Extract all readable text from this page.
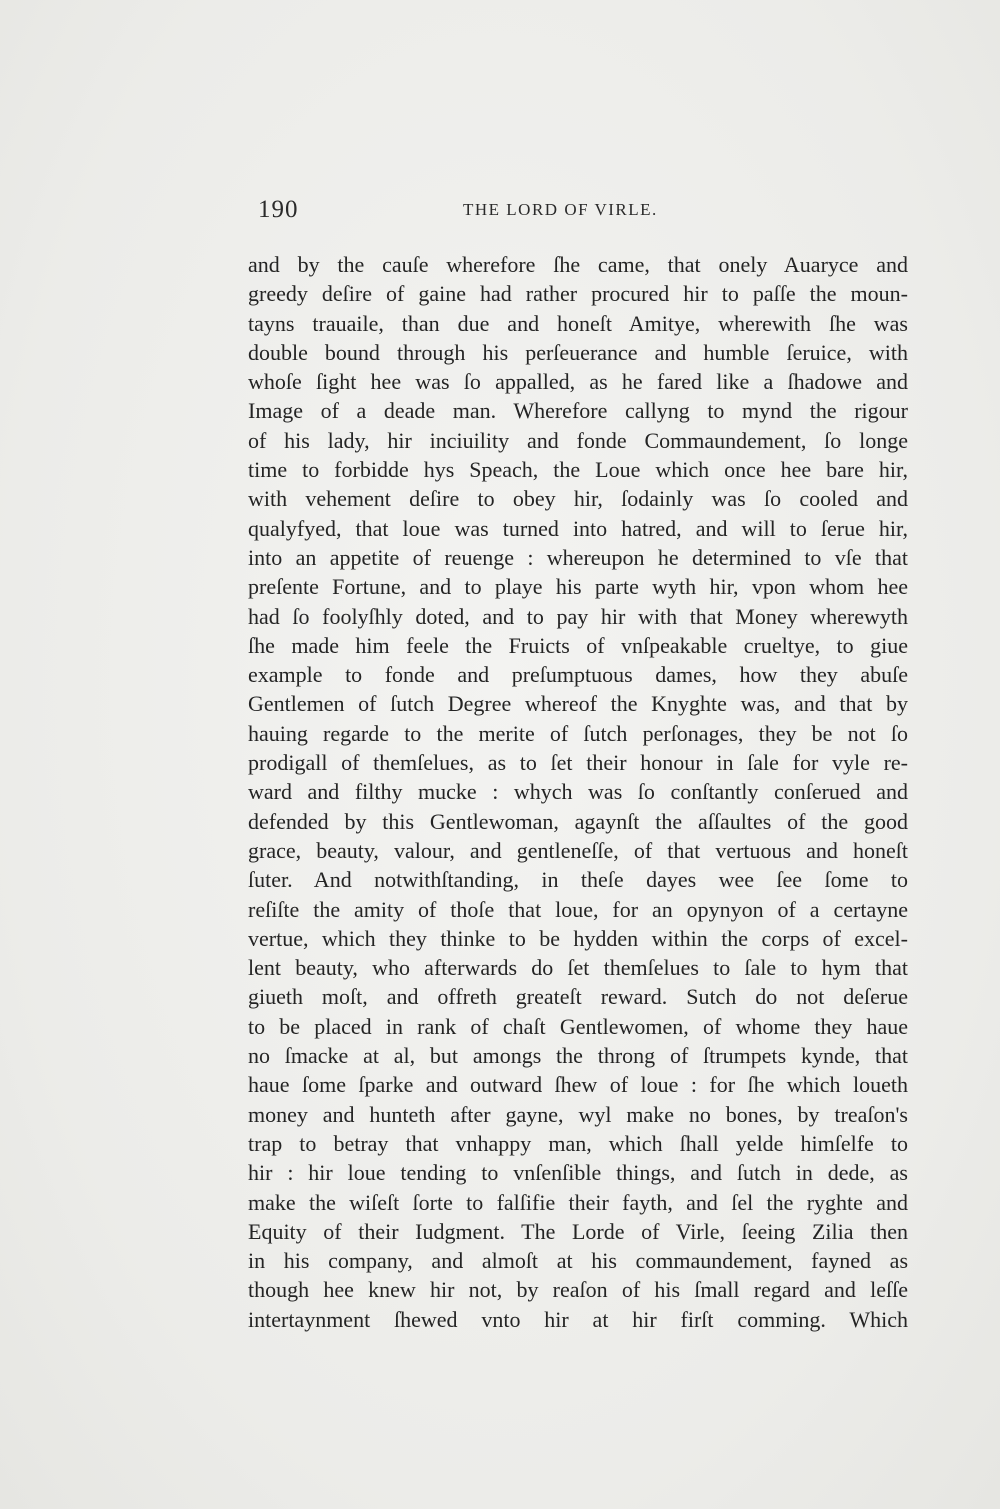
190	THE LORD OF VIRLE.
and by the cauſe wherefore ſhe came, that onely Auaryce and
greedy deſire of gaine had rather procured hir to paſſe the moun-
tayns trauaile, than due and honeſt Amitye, wherewith ſhe was
double bound through his perſeuerance and humble ſeruice, with
whoſe ſight hee was ſo appalled, as he fared like a ſhadowe and
Image of a deade man. Wherefore callyng to mynd the rigour
of his lady, hir inciuility and fonde Commaundement, ſo longe
time to forbidde hys Speach, the Loue which once hee bare hir,
with vehement deſire to obey hir, ſodainly was ſo cooled and
qualyfyed, that loue was turned into hatred, and will to ſerue hir,
into an appetite of reuenge : whereupon he determined to vſe that
preſente Fortune, and to playe his parte wyth hir, vpon whom hee
had ſo foolyſhly doted, and to pay hir with that Money wherewyth
ſhe made him feele the Fruicts of vnſpeakable crueltye, to giue
example to fonde and preſumptuous dames, how they abuſe
Gentlemen of ſutch Degree whereof the Knyghte was, and that by
hauing regarde to the merite of ſutch perſonages, they be not ſo
prodigall of themſelues, as to ſet their honour in ſale for vyle re-
ward and filthy mucke : whych was ſo conſtantly conſerued and
defended by this Gentlewoman, agaynſt the aſſaultes of the good
grace, beauty, valour, and gentleneſſe, of that vertuous and honeſt
ſuter. And notwithſtanding, in theſe dayes wee ſee ſome to
reſiſte the amity of thoſe that loue, for an opynyon of a certayne
vertue, which they thinke to be hydden within the corps of excel-
lent beauty, who afterwards do ſet themſelues to ſale to hym that
giueth moſt, and offreth greateſt reward. Sutch do not deſerue
to be placed in rank of chaſt Gentlewomen, of whome they haue
no ſmacke at al, but amongs the throng of ſtrumpets kynde, that
haue ſome ſparke and outward ſhew of loue : for ſhe which loueth
money and hunteth after gayne, wyl make no bones, by treaſon's
trap to betray that vnhappy man, which ſhall yelde himſelfe to
hir : hir loue tending to vnſenſible things, and ſutch in dede, as
make the wiſeſt ſorte to falſifie their fayth, and ſel the ryghte and
Equity of their Iudgment. The Lorde of Virle, ſeeing Zilia then
in his company, and almoſt at his commaundement, fayned as
though hee knew hir not, by reaſon of his ſmall regard and leſſe
intertaynment ſhewed vnto hir at hir firſt comming. Which
